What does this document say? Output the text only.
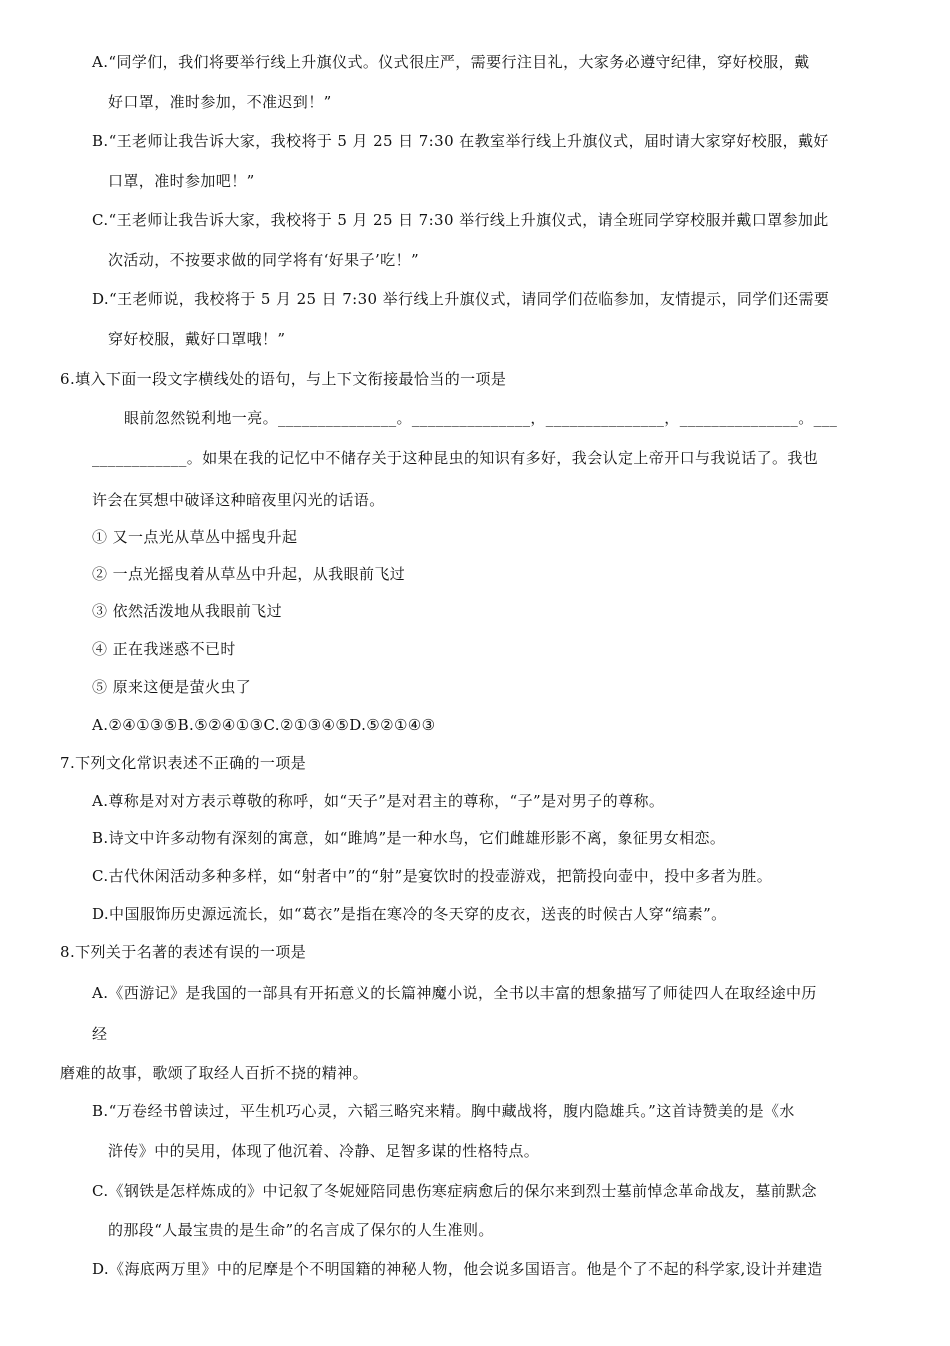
A.“同学们，我们将要举行线上升旗仪式。仪式很庄严，需要行注目礼，大家务必遵守纪律，穿好校服，戴
好口罩，准时参加，不准迟到！”
B.“王老师让我告诉大家，我校将于 5 月 25 日 7:30 在教室举行线上升旗仪式，届时请大家穿好校服，戴好
口罩，准时参加吧！”
C.“王老师让我告诉大家，我校将于 5 月 25 日 7:30 举行线上升旗仪式，请全班同学穿校服并戴口罩参加此
次活动，不按要求做的同学将有‘好果子’吃！”
D.“王老师说，我校将于 5 月 25 日 7:30 举行线上升旗仪式，请同学们莅临参加，友情提示，同学们还需要
穿好校服，戴好口罩哦！”
6.填入下面一段文字横线处的语句，与上下文衔接最恰当的一项是
眼前忽然锐利地一亮。_______________。_______________，_______________，_______________。___
____________。如果在我的记忆中不储存关于这种昆虫的知识有多好，我会认定上帝开口与我说话了。我也
许会在冥想中破译这种暗夜里闪光的话语。
① 又一点光从草丛中摇曳升起
② 一点光摇曳着从草丛中升起，从我眼前飞过
③ 依然活泼地从我眼前飞过
④ 正在我迷惑不已时
⑤ 原来这便是萤火虫了
A.②④①③⑤B.⑤②④①③C.②①③④⑤D.⑤②①④③
7.下列文化常识表述不正确的一项是
A.尊称是对对方表示尊敬的称呼，如“天子”是对君主的尊称，“子”是对男子的尊称。
B.诗文中许多动物有深刻的寓意，如“雎鸠”是一种水鸟，它们雌雄形影不离，象征男女相恋。
C.古代休闲活动多种多样，如“射者中”的“射”是宴饮时的投壶游戏，把箭投向壶中，投中多者为胜。
D.中国服饰历史源远流长，如“葛衣”是指在寒冷的冬天穿的皮衣，送丧的时候古人穿“缟素”。
8.下列关于名著的表述有误的一项是
A.《西游记》是我国的一部具有开拓意义的长篇神魔小说，全书以丰富的想象描写了师徒四人在取经途中历
经
磨难的故事，歌颂了取经人百折不挠的精神。
B.“万卷经书曾读过，平生机巧心灵，六韬三略究来精。胸中藏战将，腹内隐雄兵。”这首诗赞美的是《水
浒传》中的吴用，体现了他沉着、冷静、足智多谋的性格特点。
C.《钢铁是怎样炼成的》中记叙了冬妮娅陪同患伤寒症病愈后的保尔来到烈士墓前悼念革命战友，墓前默念
的那段“人最宝贵的是生命”的名言成了保尔的人生准则。
D.《海底两万里》中的尼摩是个不明国籍的神秘人物，他会说多国语言。他是个了不起的科学家,设计并建造
